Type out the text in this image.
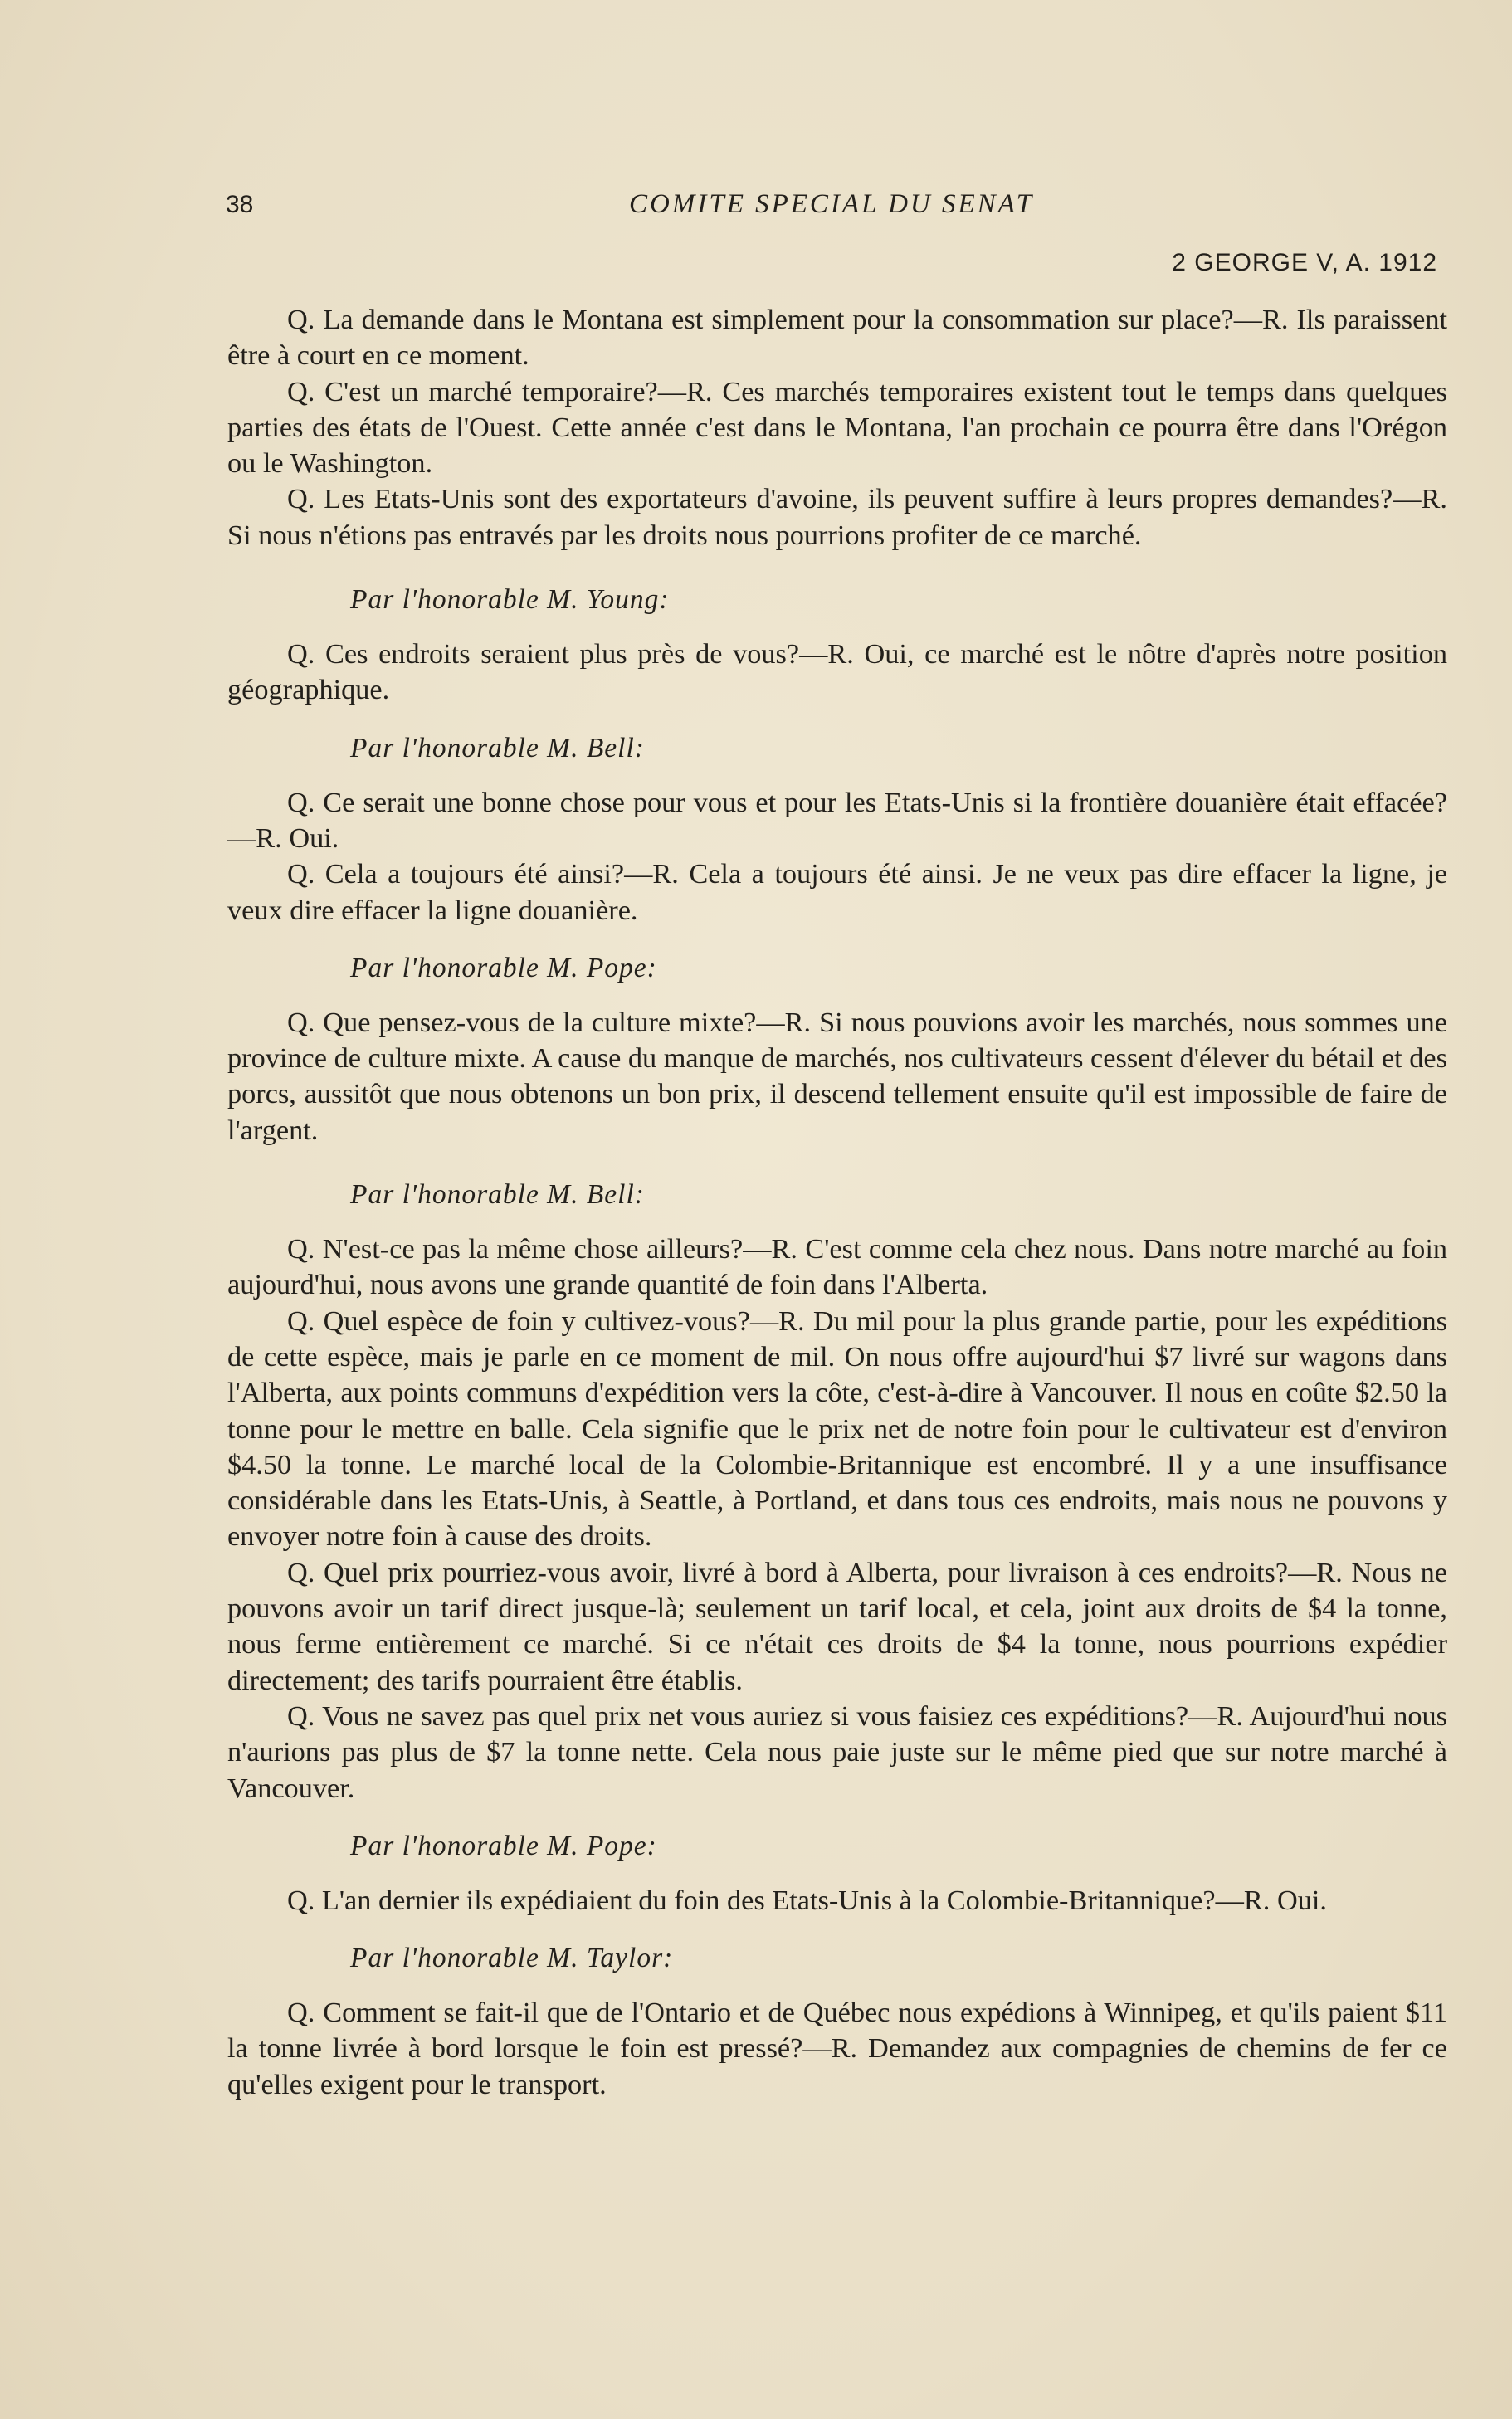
38	COMITE SPECIAL DU SENAT
2 GEORGE V, A. 1912

Q. La demande dans le Montana est simplement pour la consommation sur place?—R. Ils paraissent être à court en ce moment.

Q. C'est un marché temporaire?—R. Ces marchés temporaires existent tout le temps dans quelques parties des états de l'Ouest. Cette année c'est dans le Montana, l'an prochain ce pourra être dans l'Orégon ou le Washington.

Q. Les Etats-Unis sont des exportateurs d'avoine, ils peuvent suffire à leurs propres demandes?—R. Si nous n'étions pas entravés par les droits nous pourrions profiter de ce marché.

Par l'honorable M. Young:

Q. Ces endroits seraient plus près de vous?—R. Oui, ce marché est le nôtre d'après notre position géographique.

Par l'honorable M. Bell:

Q. Ce serait une bonne chose pour vous et pour les Etats-Unis si la frontière douanière était effacée?—R. Oui.

Q. Cela a toujours été ainsi?—R. Cela a toujours été ainsi. Je ne veux pas dire effacer la ligne, je veux dire effacer la ligne douanière.

Par l'honorable M. Pope:

Q. Que pensez-vous de la culture mixte?—R. Si nous pouvions avoir les marchés, nous sommes une province de culture mixte. A cause du manque de marchés, nos cultivateurs cessent d'élever du bétail et des porcs, aussitôt que nous obtenons un bon prix, il descend tellement ensuite qu'il est impossible de faire de l'argent.

Par l'honorable M. Bell:

Q. N'est-ce pas la même chose ailleurs?—R. C'est comme cela chez nous. Dans notre marché au foin aujourd'hui, nous avons une grande quantité de foin dans l'Alberta.

Q. Quel espèce de foin y cultivez-vous?—R. Du mil pour la plus grande partie, pour les expéditions de cette espèce, mais je parle en ce moment de mil. On nous offre aujourd'hui $7 livré sur wagons dans l'Alberta, aux points communs d'expédition vers la côte, c'est-à-dire à Vancouver. Il nous en coûte $2.50 la tonne pour le mettre en balle. Cela signifie que le prix net de notre foin pour le cultivateur est d'environ $4.50 la tonne. Le marché local de la Colombie-Britannique est encombré. Il y a une insuffisance considérable dans les Etats-Unis, à Seattle, à Portland, et dans tous ces endroits, mais nous ne pouvons y envoyer notre foin à cause des droits.

Q. Quel prix pourriez-vous avoir, livré à bord à Alberta, pour livraison à ces endroits?—R. Nous ne pouvons avoir un tarif direct jusque-là; seulement un tarif local, et cela, joint aux droits de $4 la tonne, nous ferme entièrement ce marché. Si ce n'était ces droits de $4 la tonne, nous pourrions expédier directement; des tarifs pourraient être établis.

Q. Vous ne savez pas quel prix net vous auriez si vous faisiez ces expéditions?—R. Aujourd'hui nous n'aurions pas plus de $7 la tonne nette. Cela nous paie juste sur le même pied que sur notre marché à Vancouver.

Par l'honorable M. Pope:

Q. L'an dernier ils expédiaient du foin des Etats-Unis à la Colombie-Britannique?—R. Oui.

Par l'honorable M. Taylor:

Q. Comment se fait-il que de l'Ontario et de Québec nous expédions à Winnipeg, et qu'ils paient $11 la tonne livrée à bord lorsque le foin est pressé?—R. Demandez aux compagnies de chemins de fer ce qu'elles exigent pour le transport.
